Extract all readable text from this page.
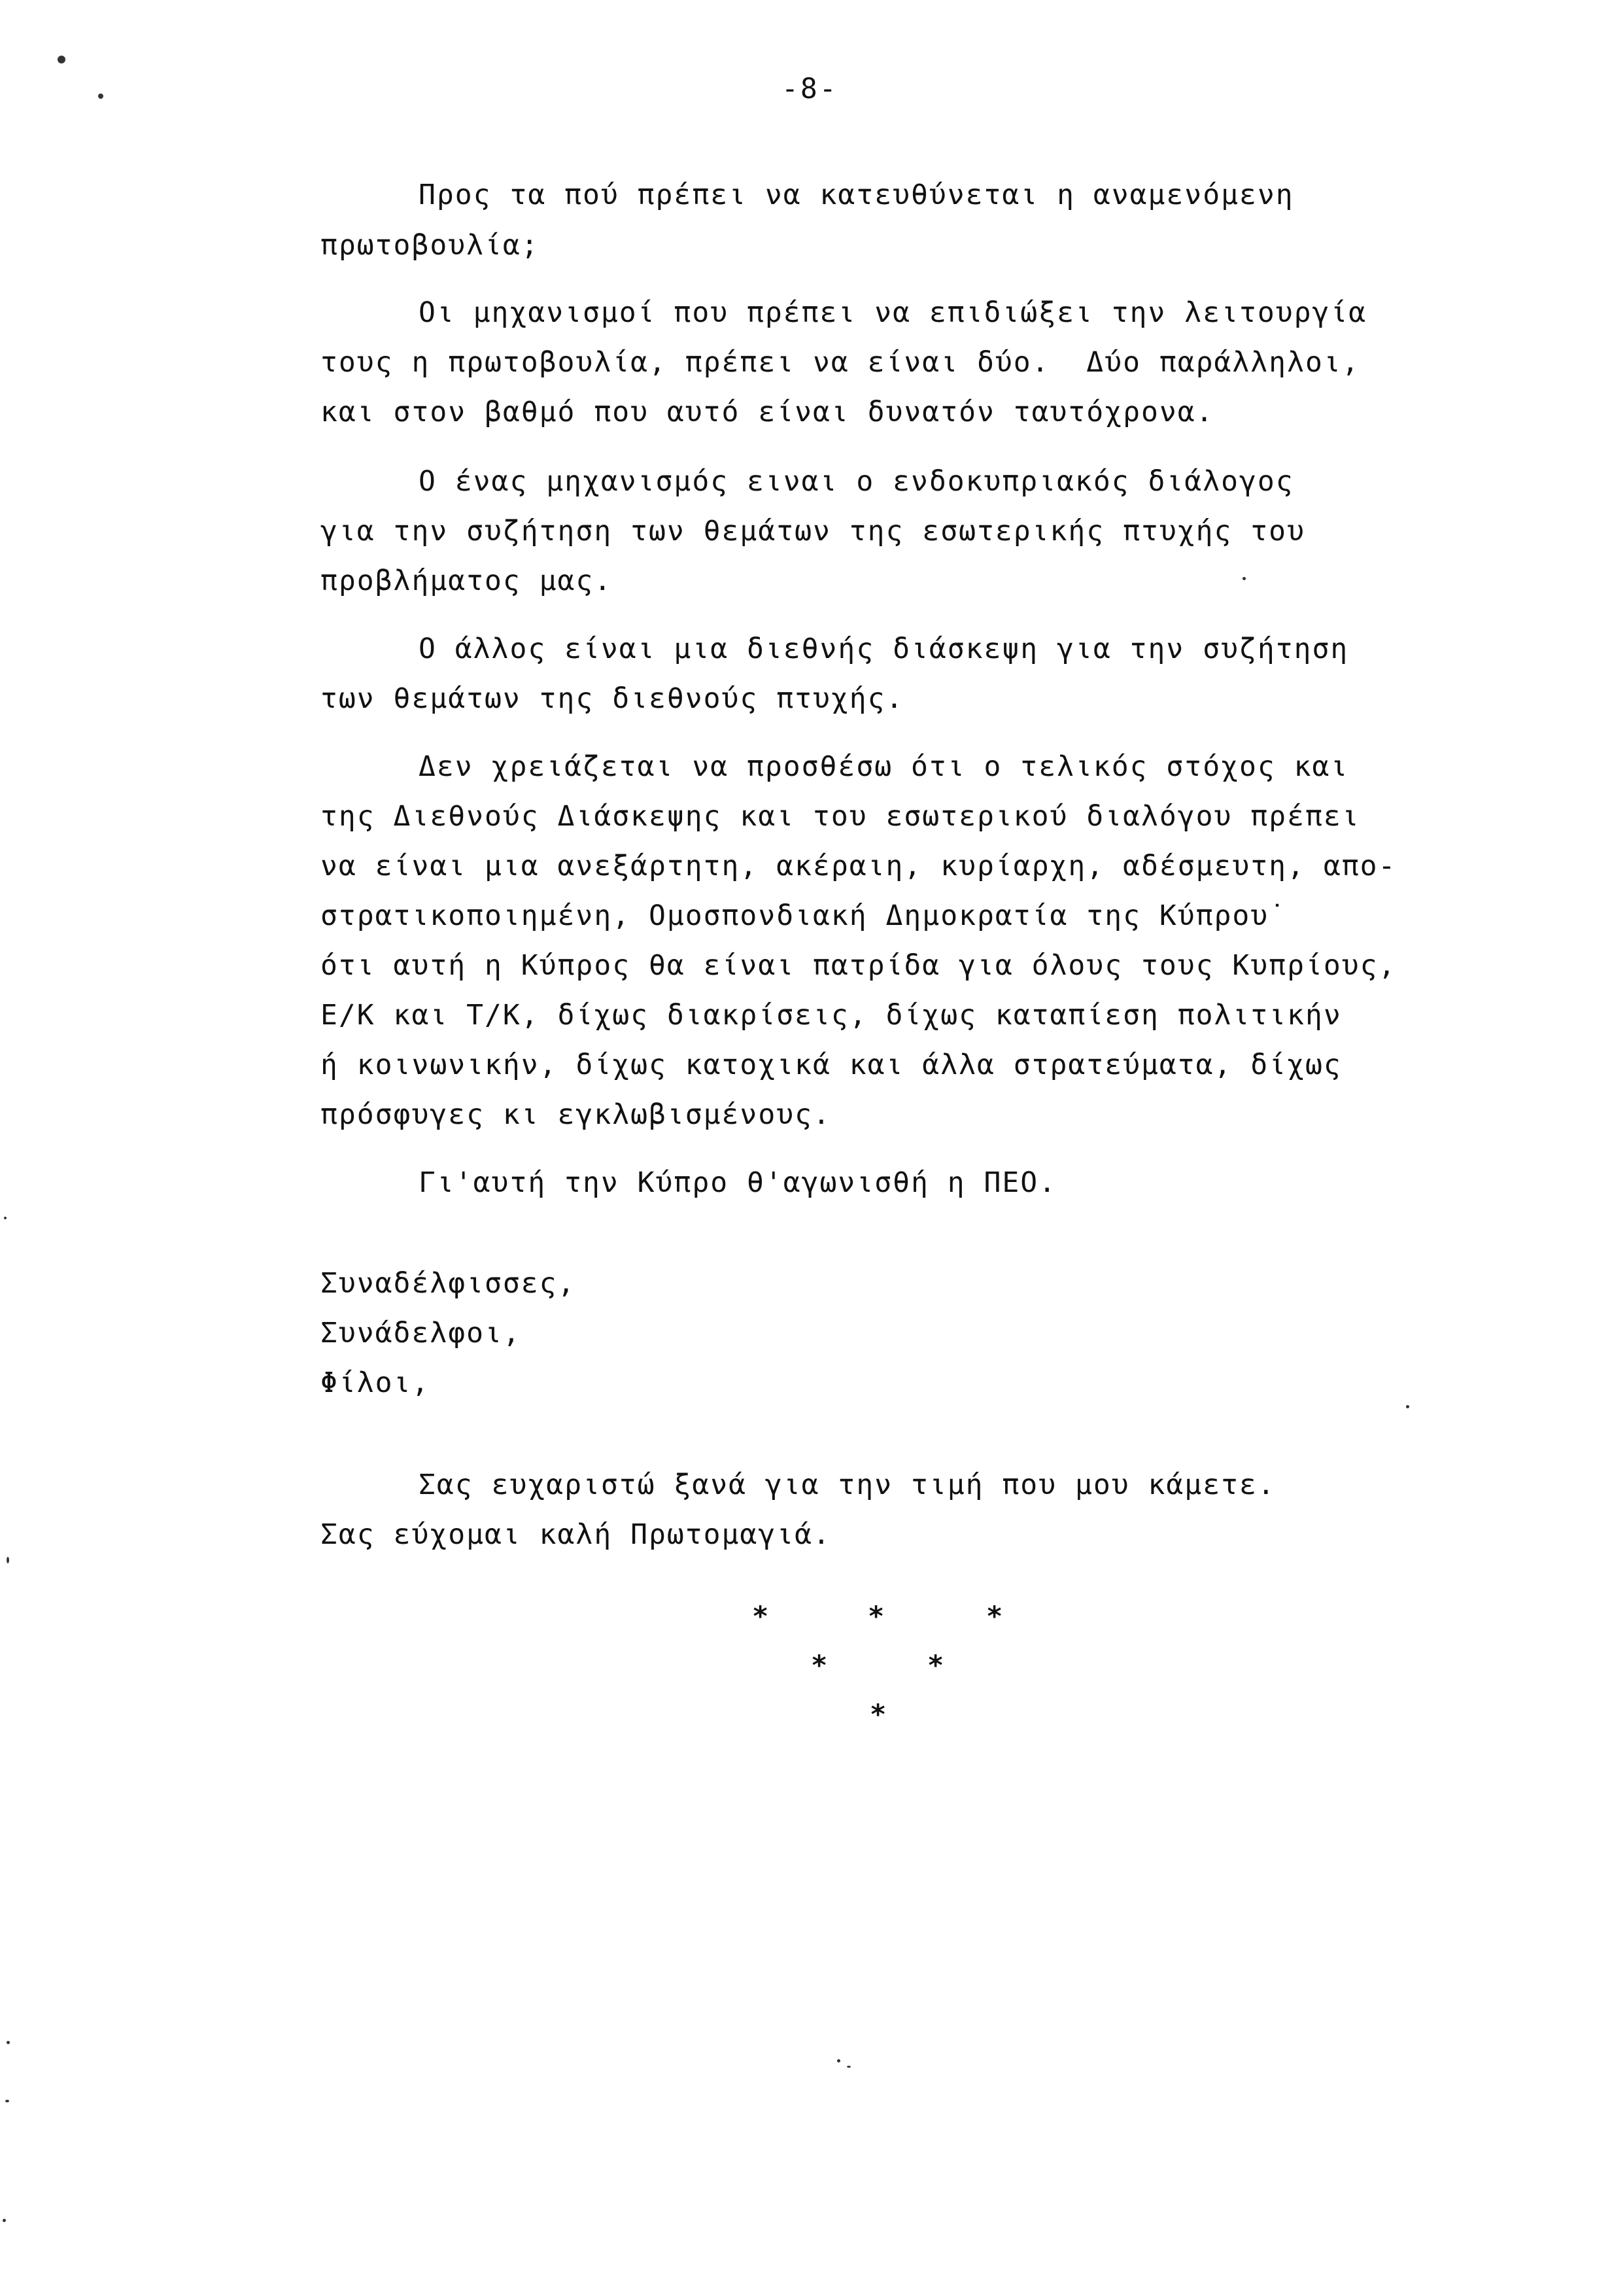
-8-
Προς τα πού πρέπει να κατευθύνεται η αναμενόμενη
πρωτοβουλία;
Οι μηχανισμοί που πρέπει να επιδιώξει την λειτουργία
τους η πρωτοβουλία, πρέπει να είναι δύο.  Δύο παράλληλοι,
και στον βαθμό που αυτό είναι δυνατόν ταυτόχρονα.
Ο ένας μηχανισμός ειναι ο ενδοκυπριακός διάλογος
για την συζήτηση των θεμάτων της εσωτερικής πτυχής του
προβλήματος μας.
Ο άλλος είναι μια διεθνής διάσκεψη για την συζήτηση
των θεμάτων της διεθνούς πτυχής.
Δεν χρειάζεται να προσθέσω ότι ο τελικός στόχος και
της Διεθνούς Διάσκεψης και του εσωτερικού διαλόγου πρέπει
να είναι μια ανεξάρτητη, ακέραιη, κυρίαρχη, αδέσμευτη, απο-
στρατικοποιημένη, Ομοσπονδιακή Δημοκρατία της Κύπρου˙
ότι αυτή η Κύπρος θα είναι πατρίδα για όλους τους Κυπρίους,
Ε/Κ και Τ/Κ, δίχως διακρίσεις, δίχως καταπίεση πολιτικήν
ή κοινωνικήν, δίχως κατοχικά και άλλα στρατεύματα, δίχως
πρόσφυγες κι εγκλωβισμένους.
Γι'αυτή την Κύπρο θ'αγωνισθή η ΠΕΟ.
Συναδέλφισσες,
Συνάδελφοι,
Φίλοι,
Σας ευχαριστώ ξανά για την τιμή που μου κάμετε.
Σας εύχομαι καλή Πρωτομαγιά.
*	*	*
*	*
*
